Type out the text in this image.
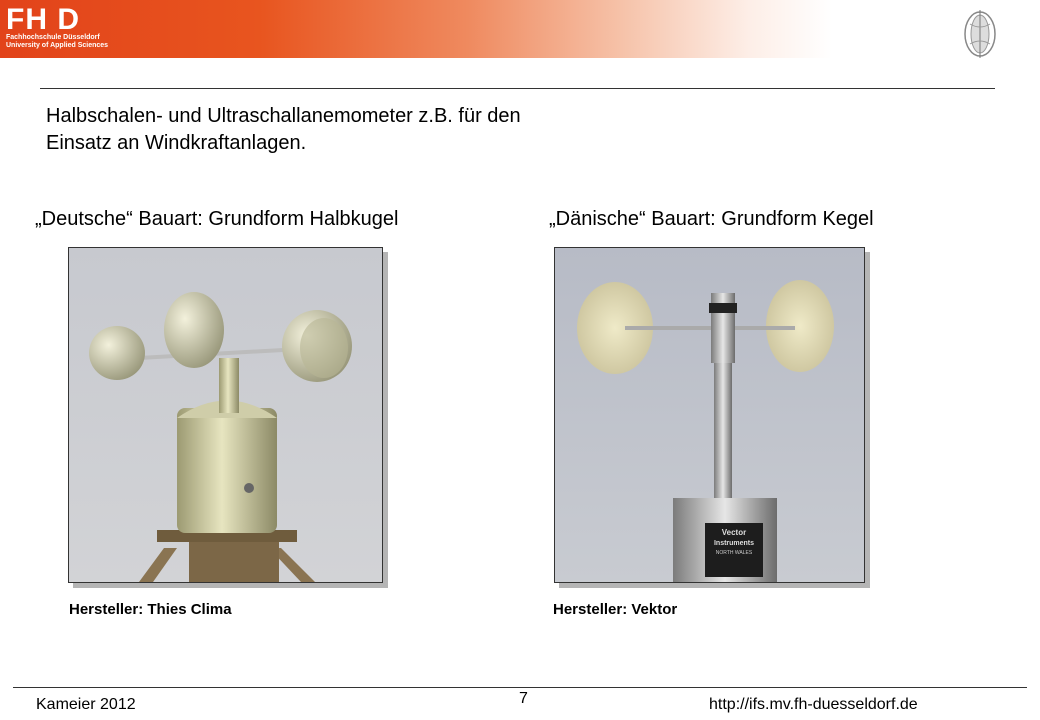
FH D
Fachhochschule Düsseldorf
University of Applied Sciences
Halbschalen- und Ultraschallanemometer z.B. für den
Einsatz an Windkraftanlagen.
„Deutsche“ Bauart: Grundform Halbkugel	„Dänische“ Bauart: Grundform Kegel
Vector
Instruments
NORTH WALES
Hersteller: Thies Clima	Hersteller: Vektor
Kameier 2012	7	http://ifs.mv.fh-duesseldorf.de
